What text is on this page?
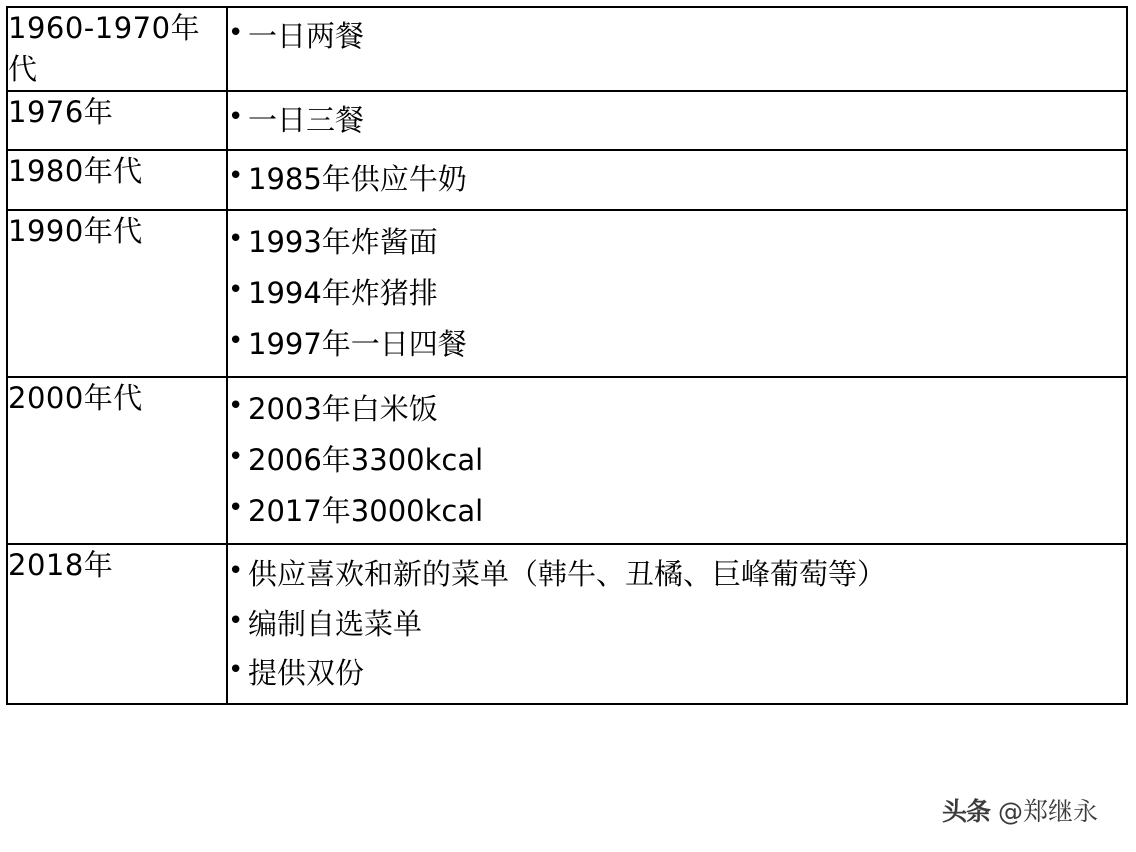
1960-1970年代	
• 一日两餐

1976年	
•一日三餐

1980年代	
•1985年供应牛奶

1990年代	
•1993年炸酱面
• 1994年炸猪排
• 1997年一日四餐

2000年代	
•2003年白米饭
• 2006年3300kcal
• 2017年3000kcal

2018年	
•供应喜欢和新的菜单（韩牛、丑橘、巨峰葡萄等）
• 编制自选菜单
• 提供双份
头条 @郑继永
